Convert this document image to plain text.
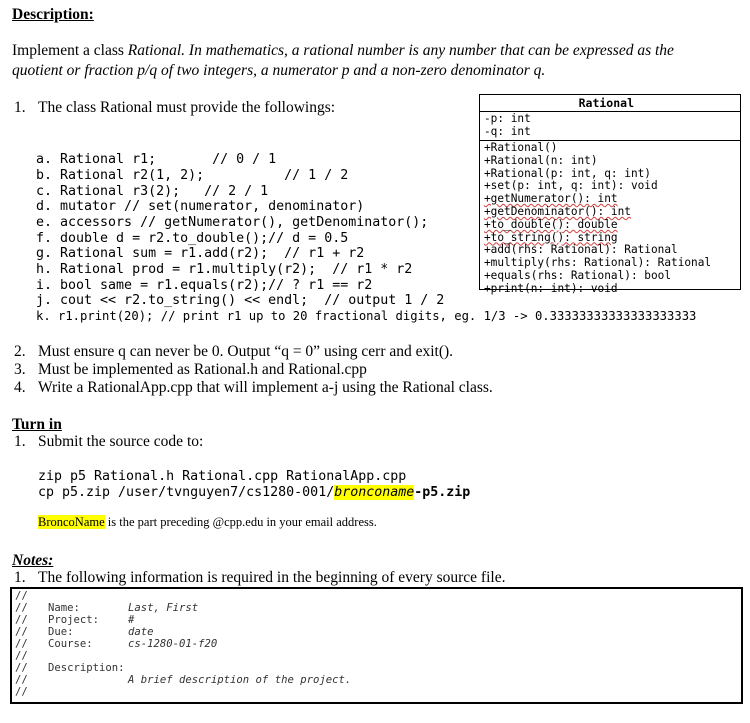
Description:
Implement a class Rational. In mathematics, a rational number is any number that can be expressed as the
quotient or fraction p/q of two integers, a numerator p and a non-zero denominator q.
1. The class Rational must provide the followings:	Rational
-p: int
-q: int
+Rational()
+Rational(n: int)
+Rational(p: int, q: int)
+set(p: int, q: int): void
+getNumerator(): int
+getDenominator(): int
+to_double(): double
+to_string(): string
+add(rhs: Rational): Rational
+multiply(rhs: Rational): Rational
+equals(rhs: Rational): bool
+print(n: int): void
a. Rational r1;       // 0 / 1
b. Rational r2(1, 2);          // 1 / 2
c. Rational r3(2);   // 2 / 1
d. mutator // set(numerator, denominator)
e. accessors // getNumerator(), getDenominator();
f. double d = r2.to_double();// d = 0.5
g. Rational sum = r1.add(r2);  // r1 + r2
h. Rational prod = r1.multiply(r2);  // r1 * r2
i. bool same = r1.equals(r2);// ? r1 == r2
j. cout << r2.to_string() << endl;  // output 1 / 2
k. r1.print(20); // print r1 up to 20 fractional digits, eg. 1/3 -> 0.33333333333333333333
2. Must ensure q can never be 0. Output “q = 0” using cerr and exit().
3. Must be implemented as Rational.h and Rational.cpp
4. Write a RationalApp.cpp that will implement a-j using the Rational class.
Turn in
1. Submit the source code to:
zip p5 Rational.h Rational.cpp RationalApp.cpp
cp p5.zip /user/tvnguyen7/cs1280-001/bronconame-p5.zip
BroncoName is the part preceding @cpp.edu in your email address.
Notes:
1. The following information is required in the beginning of every source file.
//
// Name:	Last, First
// Project:	#
// Due:	date
// Course:	cs-1280-01-f20
//
// Description:
//	A brief description of the project.
//
